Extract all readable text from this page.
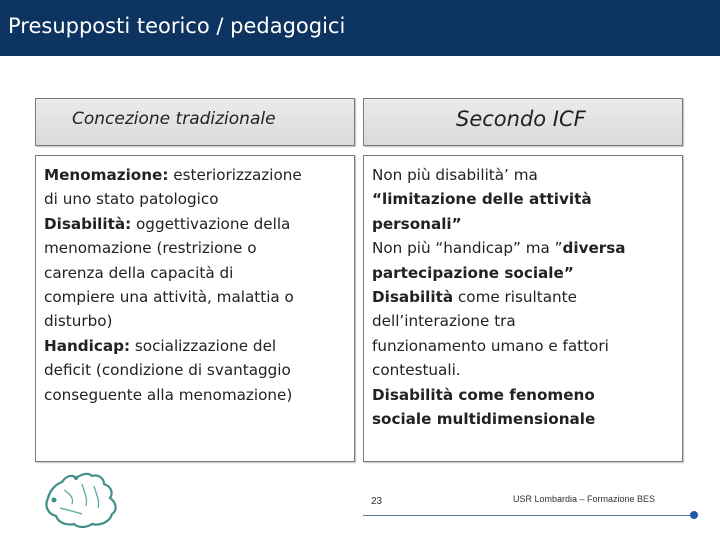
Presupposti teorico / pedagogici
Concezione tradizionale	Secondo ICF
Menomazione: esteriorizzazione
di uno stato patologico
Disabilità: oggettivazione della
menomazione (restrizione o
carenza della capacità di
compiere una attività, malattia o
disturbo)
Handicap: socializzazione del
deficit (condizione di svantaggio
conseguente alla menomazione)
Non più disabilità’ ma
“limitazione delle attività
personali”
Non più “handicap” ma ”diversa
partecipazione sociale”
Disabilità come risultante
dell’interazione tra
funzionamento umano e fattori
contestuali.
Disabilità come fenomeno
sociale multidimensionale
23	USR Lombardia – Formazione BES
